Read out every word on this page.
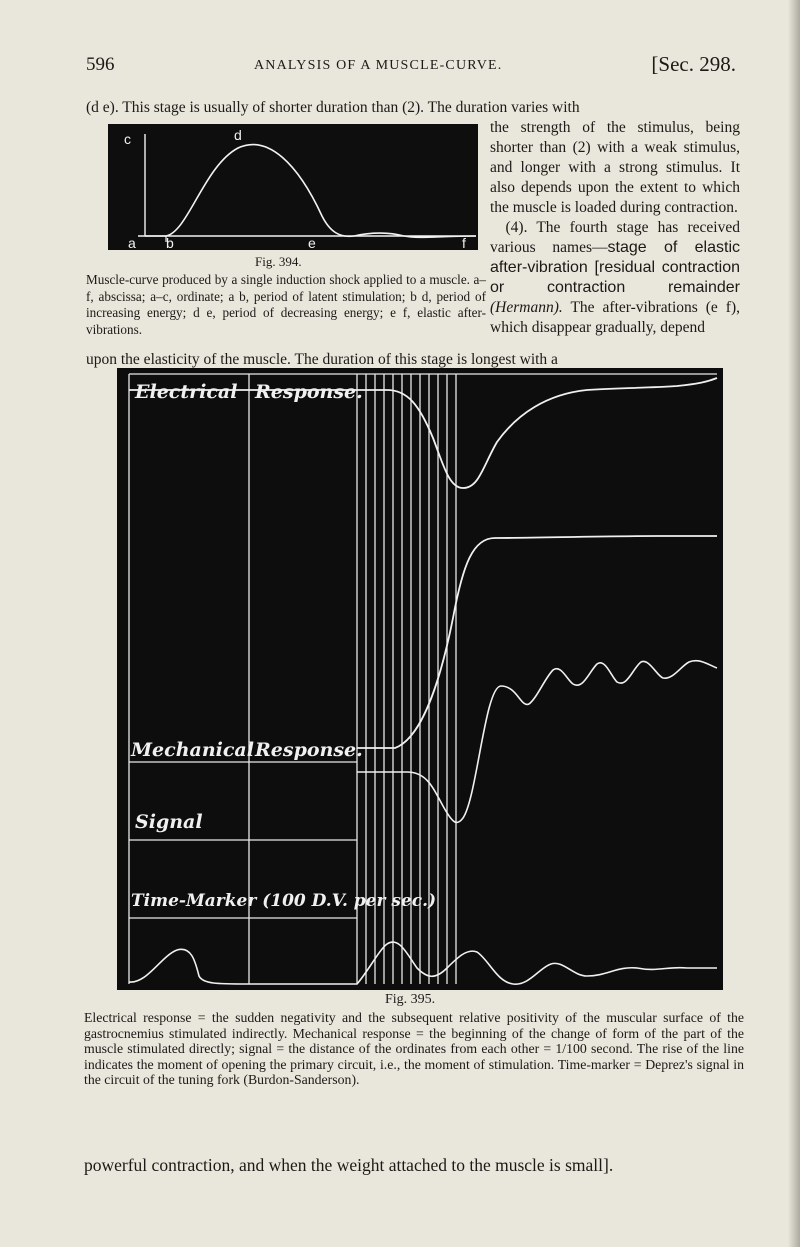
596	ANALYSIS OF A MUSCLE-CURVE.	[Sec. 298.

(d e). This stage is usually of shorter duration than (2). The duration varies with

c	d
a b	e	f
Fig. 394.

Muscle-curve produced by a single induction shock applied to a muscle. a–f, abscissa; a–c, ordinate; a b, period of latent stimulation; b d, period of increasing energy; d e, period of decreasing energy; e f, elastic after-vibrations.

the strength of the stimulus, being shorter than (2) with a weak stimulus, and longer with a strong stimulus. It also depends upon the extent to which the muscle is loaded during contraction.
 (4). The fourth stage has received various names—stage of elastic after-vibration [residual contraction or contraction remainder (Hermann). The after-vibrations (e f), which disappear gradually, depend

upon the elasticity of the muscle. The duration of this stage is longest with a

Electrical Response.
Mechanical Response.
Signal
Time-Marker (100 D.V. per sec.)
Fig. 395.

Electrical response = the sudden negativity and the subsequent relative positivity of the muscular surface of the gastrocnemius stimulated indirectly. Mechanical response = the beginning of the change of form of the part of the muscle stimulated directly; signal = the distance of the ordinates from each other = 1/100 second. The rise of the line indicates the moment of opening the primary circuit, i.e., the moment of stimulation. Time-marker = Deprez's signal in the circuit of the tuning fork (Burdon-Sanderson).

powerful contraction, and when the weight attached to the muscle is small].
